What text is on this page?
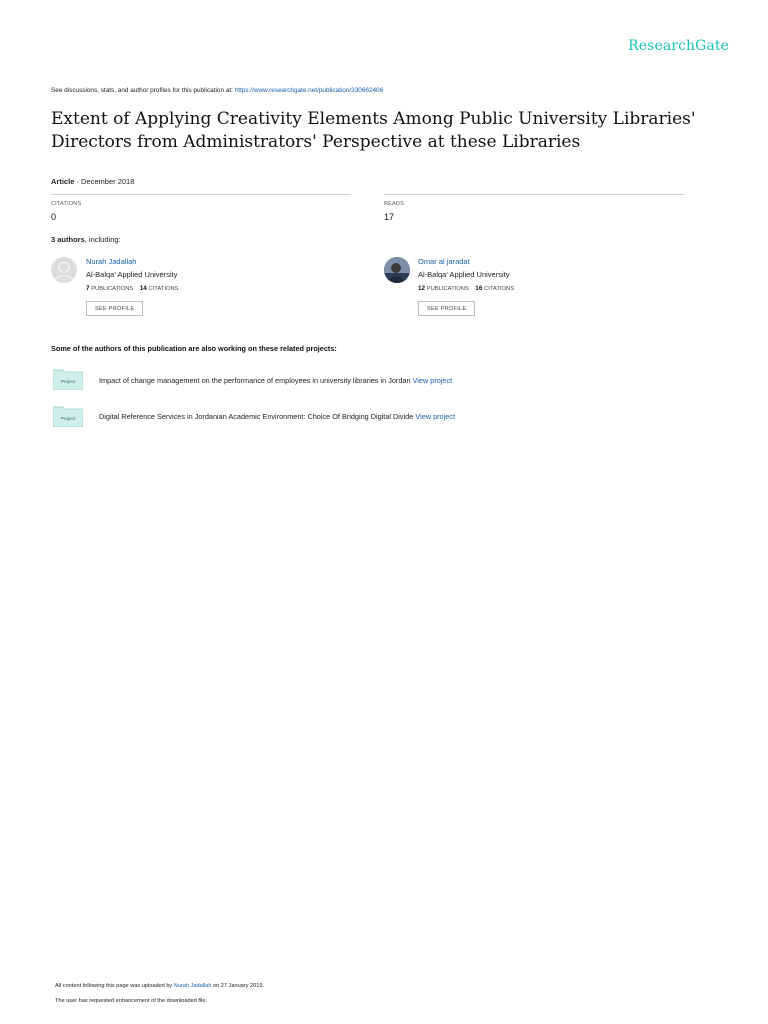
ResearchGate
See discussions, stats, and author profiles for this publication at: https://www.researchgate.net/publication/330662406
Extent of Applying Creativity Elements Among Public University Libraries' Directors from Administrators' Perspective at these Libraries
Article · December 2018
CITATIONS
0
READS
17
3 authors, including:
Nurah Jadallah
Al-Balqa' Applied University
7 PUBLICATIONS 14 CITATIONS
SEE PROFILE
Omar al jaradat
Al-Balqa' Applied University
12 PUBLICATIONS 16 CITATIONS
SEE PROFILE
Some of the authors of this publication are also working on these related projects:
Project	Impact of change management on the performance of employees in university libraries in Jordan View project
Project	Digital Reference Services in Jordanian Academic Environment: Choice Of Bridging Digital Divide View project
All content following this page was uploaded by Nurah Jadallah on 27 January 2019.
The user has requested enhancement of the downloaded file.
